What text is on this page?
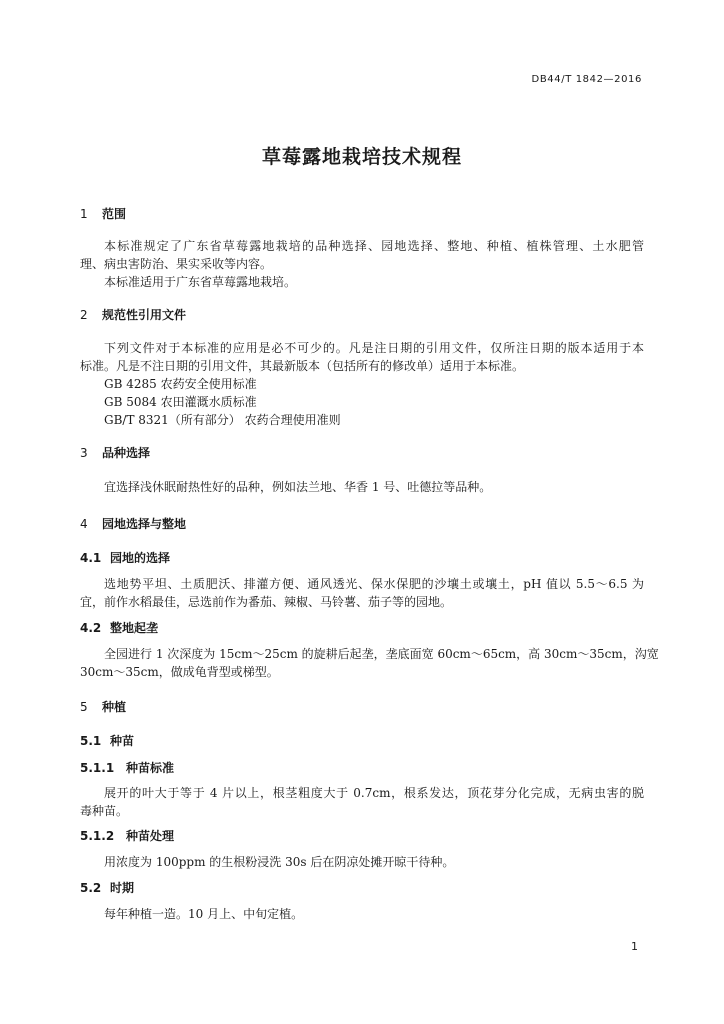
DB44/T 1842—2016
草莓露地栽培技术规程
1 范围
本标准规定了广东省草莓露地栽培的品种选择、园地选择、整地、种植、植株管理、土水肥管
理、病虫害防治、果实采收等内容。
本标准适用于广东省草莓露地栽培。
2 规范性引用文件
下列文件对于本标准的应用是必不可少的。凡是注日期的引用文件，仅所注日期的版本适用于本
标准。凡是不注日期的引用文件，其最新版本（包括所有的修改单）适用于本标准。
GB 4285 农药安全使用标准
GB 5084 农田灌溉水质标准
GB/T 8321（所有部分） 农药合理使用准则
3 品种选择
宜选择浅休眠耐热性好的品种，例如法兰地、华香 1 号、吐德拉等品种。
4 园地选择与整地
4.1 园地的选择
选地势平坦、土质肥沃、排灌方便、通风透光、保水保肥的沙壤土或壤土，pH 值以 5.5～6.5 为
宜，前作水稻最佳，忌选前作为番茄、辣椒、马铃薯、茄子等的园地。
4.2 整地起垄
全园进行 1 次深度为 15cm～25cm 的旋耕后起垄，垄底面宽 60cm～65cm，高 30cm～35cm，沟宽
30cm～35cm，做成龟背型或梯型。
5 种植
5.1 种苗
5.1.1 种苗标准
展开的叶大于等于 4 片以上，根茎粗度大于 0.7cm，根系发达，顶花芽分化完成，无病虫害的脱
毒种苗。
5.1.2 种苗处理
用浓度为 100ppm 的生根粉浸洗 30s 后在阴凉处摊开晾干待种。
5.2 时期
每年种植一造。10 月上、中旬定植。
1
